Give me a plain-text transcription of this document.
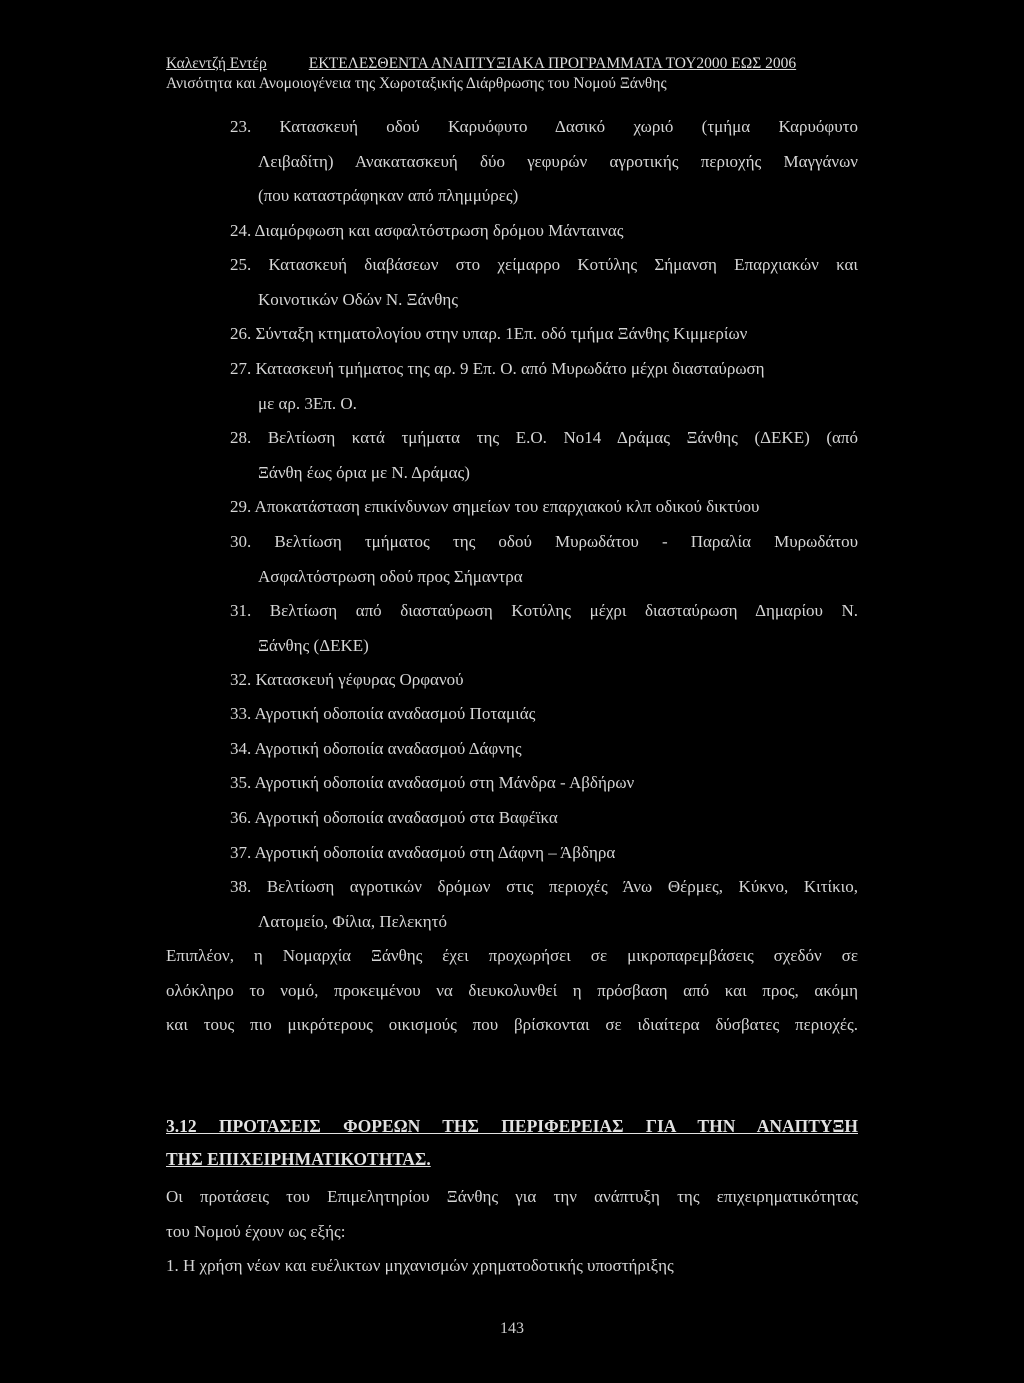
Καλεντζή Εντέρ	ΕΚΤΕΛΕΣΘΕΝΤΑ ΑΝΑΠΤΥΞΙΑΚΑ ΠΡΟΓΡΑΜΜΑΤΑ ΤΟΥ2000 ΕΩΣ 2006
Ανισότητα και Ανομοιογένεια της Χωροταξικής Διάρθρωσης του Νομού Ξάνθης
23. Κατασκευή οδού Καρυόφυτο Δασικό χωριό (τμήμα Καρυόφυτο
Λειβαδίτη) Ανακατασκευή δύο γεφυρών αγροτικής περιοχής Μαγγάνων
(που καταστράφηκαν από πλημμύρες)
24. Διαμόρφωση και ασφαλτόστρωση δρόμου Μάνταινας
25. Κατασκευή διαβάσεων στο χείμαρρο Κοτύλης Σήμανση Επαρχιακών και
Κοινοτικών Οδών Ν. Ξάνθης
26. Σύνταξη κτηματολογίου στην υπαρ. 1Επ. οδό τμήμα Ξάνθης Κιμμερίων
27. Κατασκευή τμήματος της αρ. 9 Επ. Ο. από Μυρωδάτο μέχρι διασταύρωση
με αρ. 3Επ. Ο.
28. Βελτίωση κατά τμήματα της Ε.Ο. Νο14 Δράμας Ξάνθης (ΔΕΚΕ) (από
Ξάνθη έως όρια με Ν. Δράμας)
29. Αποκατάσταση επικίνδυνων σημείων του επαρχιακού κλπ οδικού δικτύου
30. Βελτίωση τμήματος της οδού Μυρωδάτου - Παραλία Μυρωδάτου
Ασφαλτόστρωση οδού προς Σήμαντρα
31. Βελτίωση από διασταύρωση Κοτύλης μέχρι διασταύρωση Δημαρίου Ν.
Ξάνθης (ΔΕΚΕ)
32. Κατασκευή γέφυρας Ορφανού
33. Αγροτική οδοποιία αναδασμού Ποταμιάς
34. Αγροτική οδοποιία αναδασμού Δάφνης
35. Αγροτική οδοποιία αναδασμού στη Μάνδρα - Αβδήρων
36. Αγροτική οδοποιία αναδασμού στα Βαφέϊκα
37. Αγροτική οδοποιία αναδασμού στη Δάφνη – Άβδηρα
38. Βελτίωση αγροτικών δρόμων στις περιοχές Άνω Θέρμες, Κύκνο, Κιτίκιο,
Λατομείο, Φίλια, Πελεκητό
Επιπλέον, η Νομαρχία Ξάνθης έχει προχωρήσει σε μικροπαρεμβάσεις σχεδόν σε
ολόκληρο το νομό, προκειμένου να διευκολυνθεί η πρόσβαση από και προς, ακόμη
και τους πιο μικρότερους οικισμούς που βρίσκονται σε ιδιαίτερα δύσβατες περιοχές.
3.12 ΠΡΟΤΑΣΕΙΣ ΦΟΡΕΩΝ ΤΗΣ ΠΕΡΙΦΕΡΕΙΑΣ ΓΙΑ ΤΗΝ ΑΝΑΠΤΥΞΗ
ΤΗΣ ΕΠΙΧΕΙΡΗΜΑΤΙΚΟΤΗΤΑΣ.
Οι προτάσεις του Επιμελητηρίου Ξάνθης για την ανάπτυξη της επιχειρηματικότητας
του Νομού έχουν ως εξής:
1. Η χρήση νέων και ευέλικτων μηχανισμών χρηματοδοτικής υποστήριξης
143
